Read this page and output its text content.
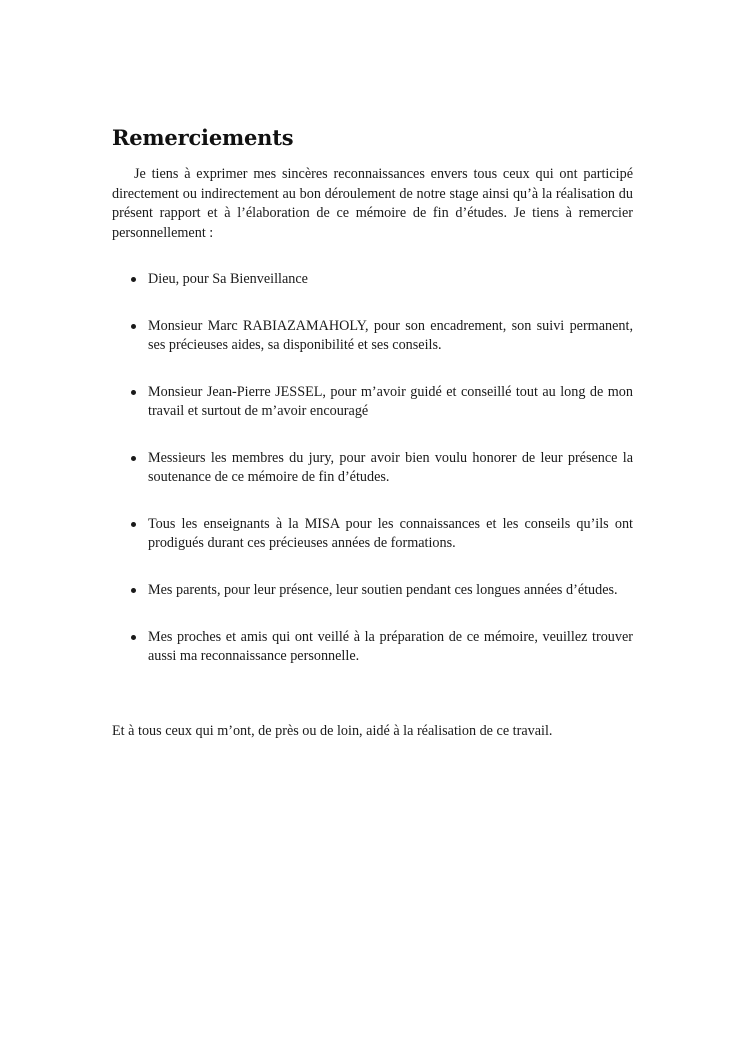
Remerciements

Je tiens à exprimer mes sincères reconnaissances envers tous ceux qui ont participé directement ou indirectement au bon déroulement de notre stage ainsi qu’à la réalisation du présent rapport et à l’élaboration de ce mémoire de fin d’études. Je tiens à remercier personnellement :

Dieu, pour Sa Bienveillance
Monsieur Marc RABIAZAMAHOLY, pour son encadrement, son suivi permanent, ses précieuses aides, sa disponibilité et ses conseils.
Monsieur Jean-Pierre JESSEL, pour m’avoir guidé et conseillé tout au long de mon travail et surtout de m’avoir encouragé
Messieurs les membres du jury, pour avoir bien voulu honorer de leur présence la soutenance de ce mémoire de fin d’études.
Tous les enseignants à la MISA pour les connaissances et les conseils qu’ils ont prodigués durant ces précieuses années de formations.
Mes parents, pour leur présence, leur soutien pendant ces longues années d’études.
Mes proches et amis qui ont veillé à la préparation de ce mémoire, veuillez trouver aussi ma reconnaissance personnelle.

Et à tous ceux qui m’ont, de près ou de loin, aidé à la réalisation de ce travail.
